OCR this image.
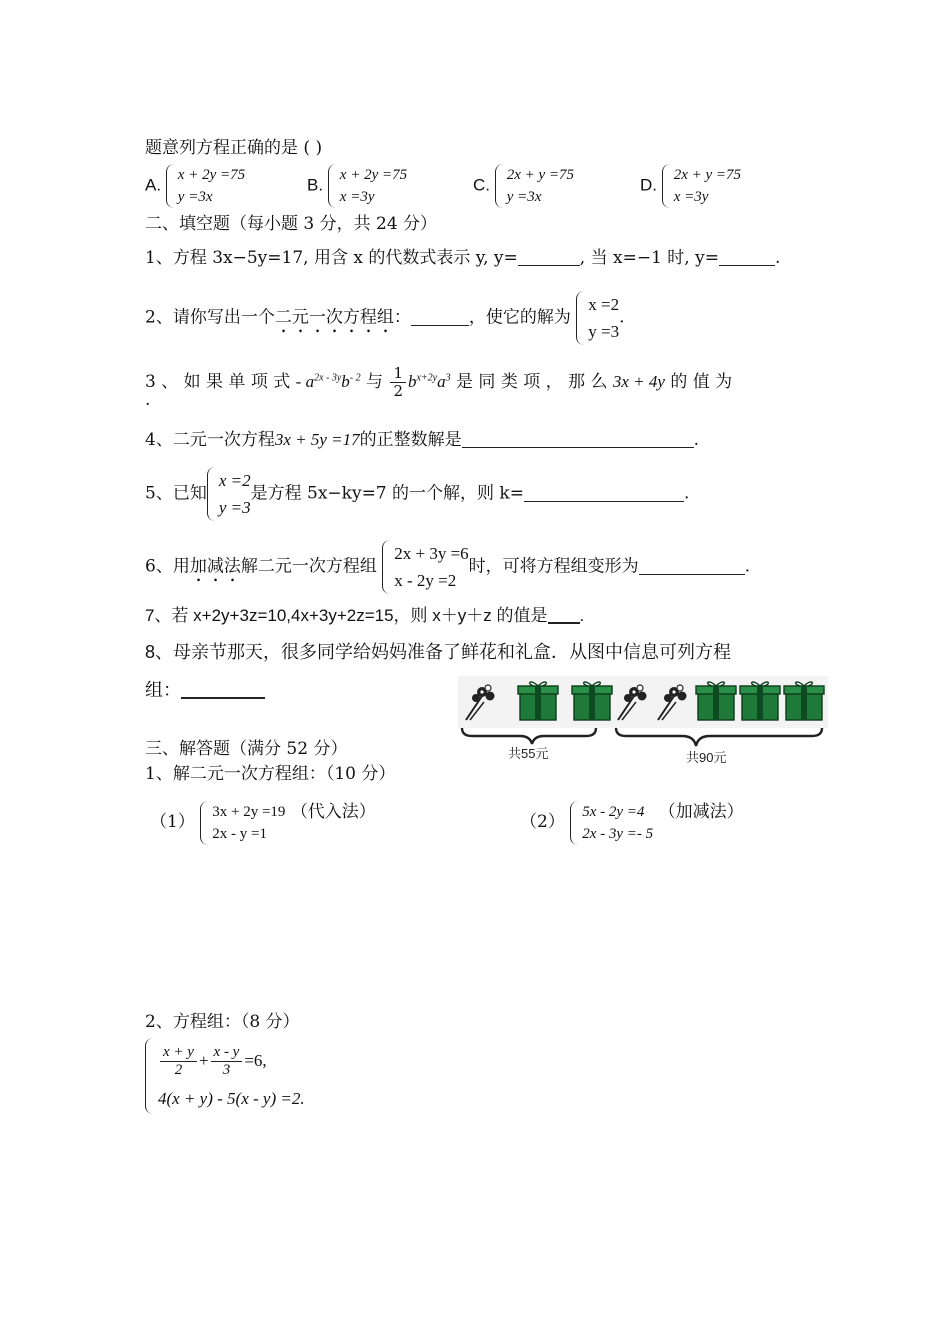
题意列方程正确的是 ( )
A.
x + 2y =75
y =3x
B.
x + 2y =75
x =3y
C.
2x + y =75
y =3x
D.
2x + y =75
x =3y
二、填空题（每小题 3 分，共 24 分）
1、方程 3x−5y=17, 用含 x 的代数式表示 y, y=	, 当 x=−1 时, y=	.
2、请你写出一个二元一次方程组：	，使它的解为
x =2
y =3
.
3 、 如 果 单 项 式 - $a^{2x - 3y}b^{- 2}$ 与 $\frac{1}{2} b^{x+2y}a^3$ 是 同 类 项 ， 那 么 3x + 4y 的 值 为
.
4、二元一次方程3x + 5y =17的正整数解是	.
5、已知
x =2
y =3
是方程 5x−ky=7 的一个解，则 k=	.
6、用加减法解二元一次方程组
2x + 3y =6
x - 2y =2
时，可将方程组变形为	.
7、若 x+2y+3z=10,4x+3y+2z=15，则 x＋y＋z 的值是 .
8、母亲节那天，很多同学给妈妈准备了鲜花和礼盒．从图中信息可列方程
组：
共55元	共90元
三、解答题（满分 52 分）
1、解二元一次方程组：（10 分）
（1）
3x + 2y =19
2x - y =1
（代入法）	（2）
5x - 2y =4
2x - 3y =- 5
（加减法）
2、方程组：（8 分）
$\frac{x + y}{2} + \frac{x - y}{3} =6$,
4(x + y) - 5(x - y) =2.
